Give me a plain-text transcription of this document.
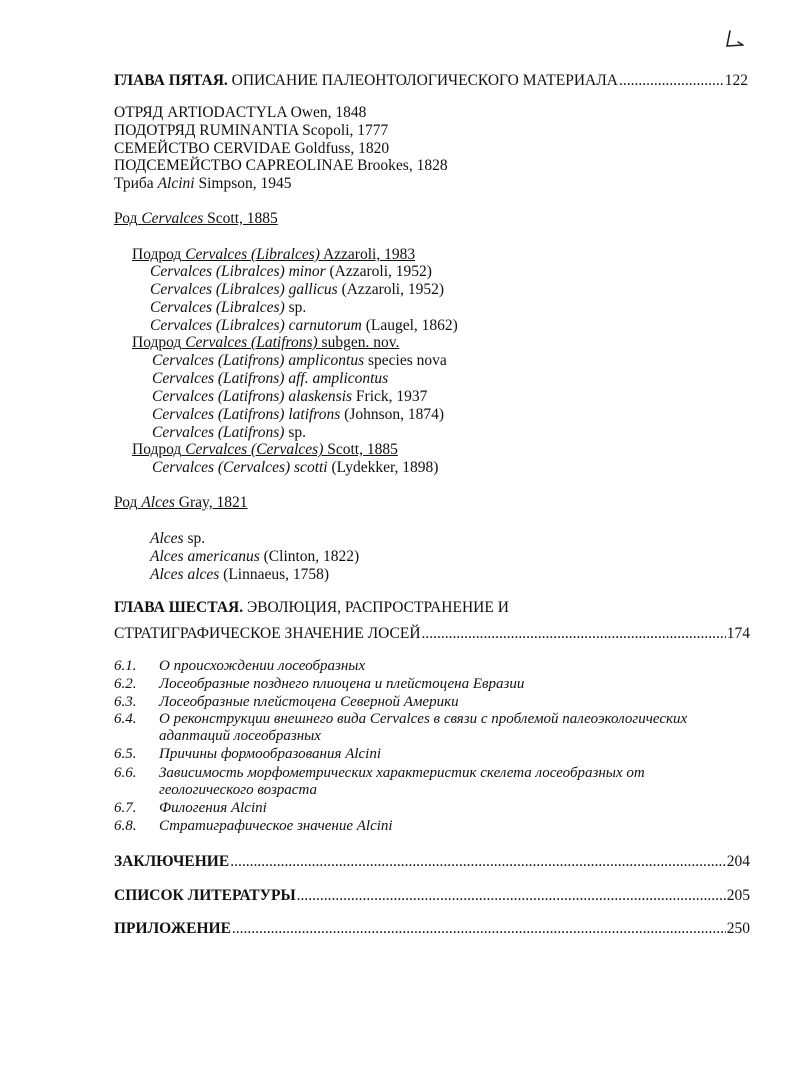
ГЛАВА ПЯТАЯ.
ОПИСАНИЕ ПАЛЕОНТОЛОГИЧЕСКОГО МАТЕРИАЛА .....	122
ОТРЯД ARTIODACTYLA Owen, 1848
ПОДОТРЯД RUMINANTIA Scopoli, 1777
СЕМЕЙСТВО CERVIDAE Goldfuss, 1820
ПОДСЕМЕЙСТВО CAPREOLINAE Brookes, 1828
Триба Alcini Simpson, 1945
Род Cervalces Scott, 1885
Подрод Cervalces (Libralces) Azzaroli, 1983
Cervalces (Libralces) minor (Azzaroli, 1952)
Cervalces (Libralces) gallicus (Azzaroli, 1952)
Cervalces (Libralces) sp.
Cervalces (Libralces) carnutorum (Laugel, 1862)
Подрод Cervalces (Latifrons) subgen. nov.
Cervalces (Latifrons) amplicontus species nova
Cervalces (Latifrons) aff. amplicontus
Cervalces (Latifrons) alaskensis Frick, 1937
Cervalces (Latifrons) latifrons (Johnson, 1874)
Cervalces (Latifrons) sp.
Подрод Cervalces (Cervalces) Scott, 1885
Cervalces (Cervalces) scotti (Lydekker, 1898)
Род Alces Gray, 1821
Alces sp.
Alces americanus (Clinton, 1822)
Alces alces (Linnaeus, 1758)
ГЛАВА ШЕСТАЯ. ЭВОЛЮЦИЯ, РАСПРОСТРАНЕНИЕ И
СТРАТИГРАФИЧЕСКОЕ ЗНАЧЕНИЕ ЛОСЕЙ .....	174
6.1. О происхождении лосеобразных
6.2. Лосеобразные позднего плиоцена и плейстоцена Евразии
6.3. Лосеобразные плейстоцена Северной Америки
6.4. О реконструкции внешнего вида Cervalces в связи с проблемой палеоэкологических
адаптаций лосеобразных
6.5. Причины формообразования Alcini
6.6. Зависимость морфометрических характеристик скелета лосеобразных от
геологического возраста
6.7. Филогения Alcini
6.8. Стратиграфическое значение Alcini
ЗАКЛЮЧЕНИЕ .....	204
СПИСОК ЛИТЕРАТУРЫ .....	205
ПРИЛОЖЕНИЕ .....	250
